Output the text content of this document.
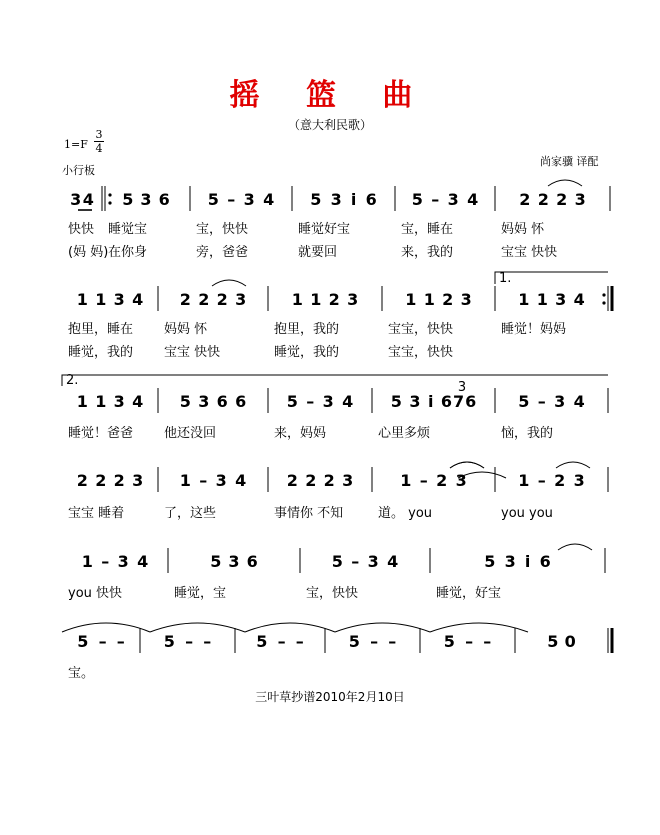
摇 篮 曲
（意大利民歌）
1=F
3
4
小行板
尚家骥 译配
三叶草抄谱2010年2月10日
3 4
快快
(妈 妈)
5 3 6
睡觉宝
在你身
5 – 3 4
宝，快快
旁，爸爸
5 3 i 6
睡觉好宝
就要回
5 – 3 4
宝，睡在
来，我的
2 2 2 3
妈妈 怀
宝宝 快快
1 1 3 4
抱里，睡在
睡觉，我的
2 2 2 3
妈妈 怀
宝宝 快快
1 1 2 3
抱里，我的
睡觉，我的
1 1 2 3
宝宝，快快
宝宝，快快
1 1 3 4
睡觉！妈妈
1 1 3 4
睡觉！爸爸
5 3 6 6
他还没回
5 – 3 4
来，妈妈
5 3 i 676
心里多烦
5 – 3 4
恼，我的
2 2 2 3
宝宝 睡着
1 – 3 4
了，这些
2 2 2 3
事情你 不知
1 – 2 3
道。 you
1 – 2 3
you you
1 – 3 4
you 快快
5 3 6
睡觉，宝
5 – 3 4
宝，快快
5 3 i 6
睡觉，好宝
5 – –
宝。
5 – –	5 – –	5 – –	5 – –	5 0
1.
2.	3
